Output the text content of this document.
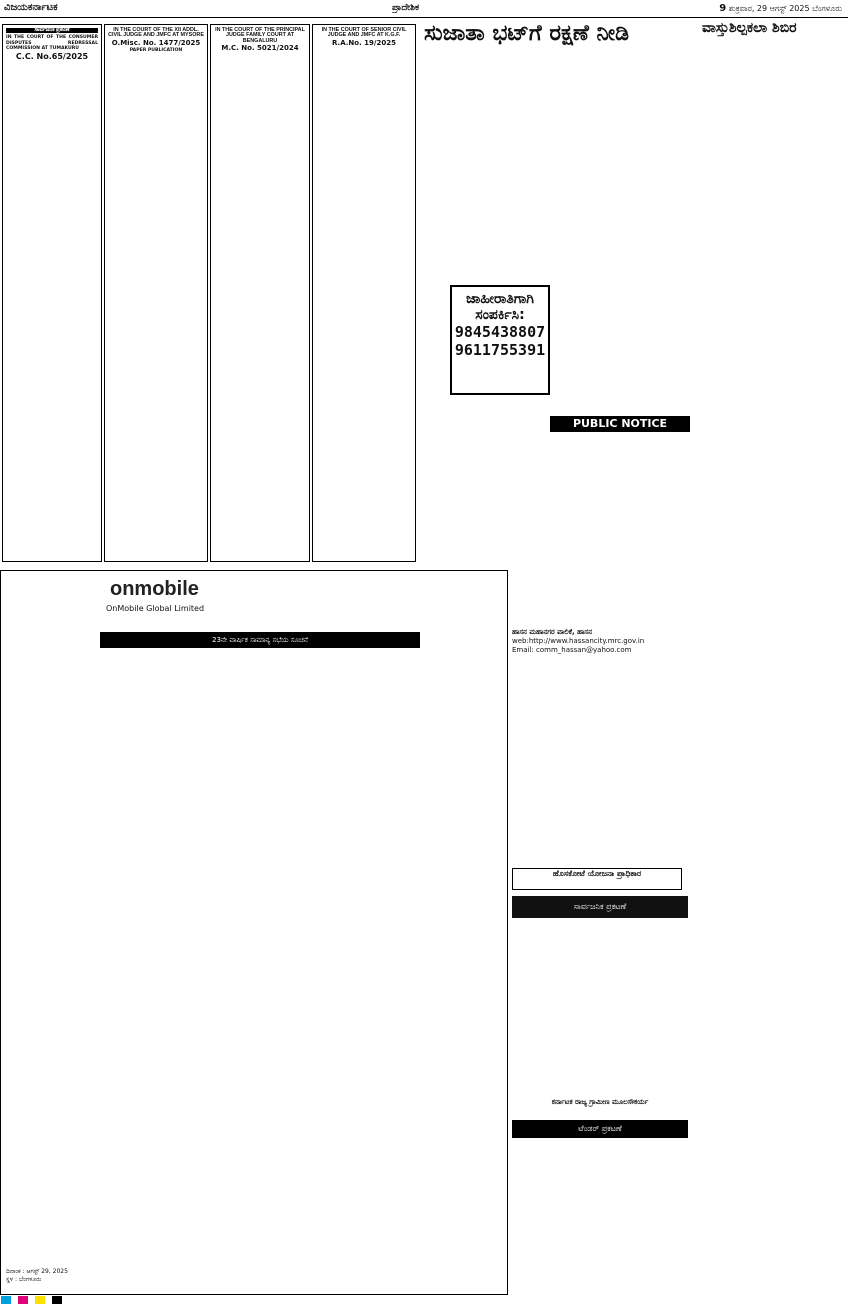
ವಿಜಯಕರ್ನಾಟಕ	ಪ್ರಾದೇಶಿಕ	9 ಶುಕ್ರವಾರ, 29 ಆಗಸ್ಟ್ 2025 ಬೆಂಗಳೂರು
ಸಾರ್ವಜನಿಕ ಪ್ರಕಟಣೆ

IN THE COURT OF THE CONSUMER DISPUTES REDRESSAL COMMISSION AT TUMAKURU

C.C. No.65/2025

IN THE COURT OF THE XII ADDL. CIVIL JUDGE AND JMFC AT MYSORE

O.Misc. No. 1477/2025

PAPER PUBLICATION

IN THE COURT OF THE PRINCIPAL JUDGE FAMILY COURT AT BENGALURU

M.C. No. 5021/2024

IN THE COURT OF SENIOR CIVIL JUDGE AND JMFC AT K.G.F.

R.A.No. 19/2025	ಸುಜಾತಾ ಭಟ್‌ಗೆ ರಕ್ಷಣೆ ನೀಡಿ	ವಾಸ್ತುಶಿಲ್ಪಕಲಾ ಶಿಬಿರ
ಜಾಹೀರಾತಿಗಾಗಿ
ಸಂಪರ್ಕಿಸಿ:
9845438807
9611755391
PUBLIC NOTICE
onmobile
OnMobile Global Limited
23ನೇ ವಾರ್ಷಿಕ ಸಾಮಾನ್ಯ ಸಭೆಯ ಸೂಚನೆ
ಹಾಸನ ಮಹಾನಗರ ಪಾಲಿಕೆ, ಹಾಸನ
web:http://www.hassancity.mrc.gov.in
Email: comm_hassan@yahoo.com
ಹೊಸಕೋಟೆ ಯೋಜನಾ ಪ್ರಾಧಿಕಾರ
ಸಾರ್ವಜನಿಕ ಪ್ರಕಟಣೆ
ಕರ್ನಾಟಕ ರಾಜ್ಯ ಗ್ರಾಮೀಣ ಮೂಲಸೌಕರ್ಯ
ಟೆಂಡರ್ ಪ್ರಕಟಣೆ
ದಿನಾಂಕ : ಆಗಸ್ಟ್ 29, 2025
ಸ್ಥಳ : ಬೆಂಗಳೂರು
